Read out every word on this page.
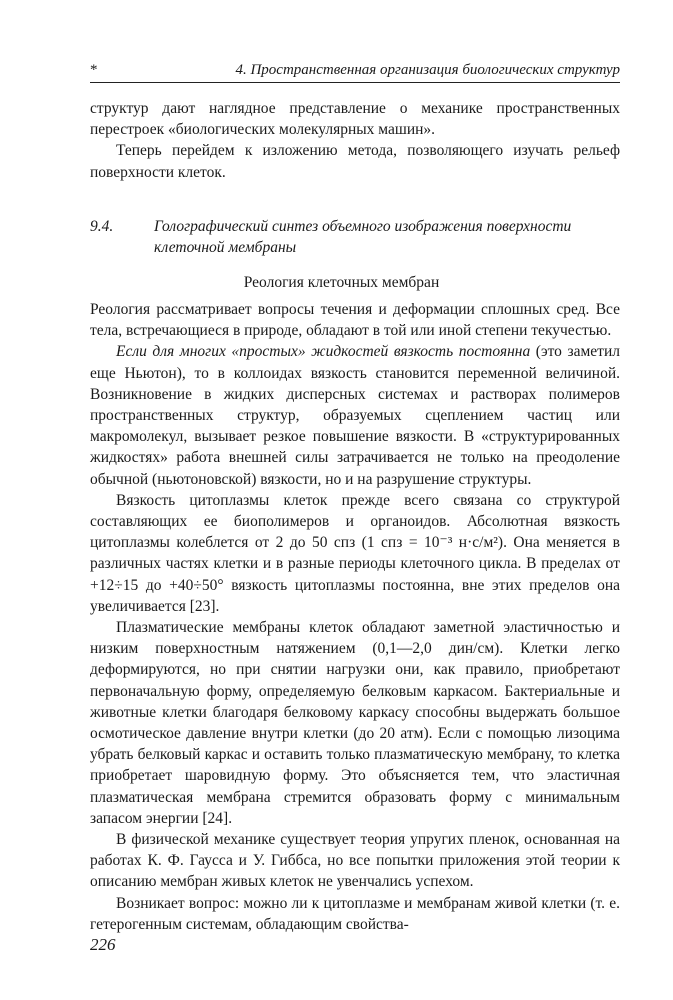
*	4. Пространственная организация биологических структур

структур дают наглядное представление о механике пространственных перестроек «биологических молекулярных машин».

Теперь перейдем к изложению метода, позволяющего изучать рельеф поверхности клеток.

9.4.	Голографический синтез объемного изображения поверхности клеточной мембраны
Реология клеточных мембран

Реология рассматривает вопросы течения и деформации сплошных сред. Все тела, встречающиеся в природе, обладают в той или иной степени текучестью.

Если для многих «простых» жидкостей вязкость постоянна (это заметил еще Ньютон), то в коллоидах вязкость становится переменной величиной. Возникновение в жидких дисперсных системах и растворах полимеров пространственных структур, образуемых сцеплением частиц или макромолекул, вызывает резкое повышение вязкости. В «структурированных жидкостях» работа внешней силы затрачивается не только на преодоление обычной (ньютоновской) вязкости, но и на разрушение структуры.

Вязкость цитоплазмы клеток прежде всего связана со структурой составляющих ее биополимеров и органоидов. Абсолютная вязкость цитоплазмы колеблется от 2 до 50 спз (1 спз = 10⁻³ н·с/м²). Она меняется в различных частях клетки и в разные периоды клеточного цикла. В пределах от +12÷15 до +40÷50° вязкость цитоплазмы постоянна, вне этих пределов она увеличивается [23].

Плазматические мембраны клеток обладают заметной эластичностью и низким поверхностным натяжением (0,1—2,0 дин/см). Клетки легко деформируются, но при снятии нагрузки они, как правило, приобретают первоначальную форму, определяемую белковым каркасом. Бактериальные и животные клетки благодаря белковому каркасу способны выдержать большое осмотическое давление внутри клетки (до 20 атм). Если с помощью лизоцима убрать белковый каркас и оставить только плазматическую мембрану, то клетка приобретает шаровидную форму. Это объясняется тем, что эластичная плазматическая мембрана стремится образовать форму с минимальным запасом энергии [24].

В физической механике существует теория упругих пленок, основанная на работах К. Ф. Гаусса и У. Гиббса, но все попытки приложения этой теории к описанию мембран живых клеток не увенчались успехом.

Возникает вопрос: можно ли к цитоплазме и мембранам живой клетки (т. е. гетерогенным системам, обладающим свойства-

226
